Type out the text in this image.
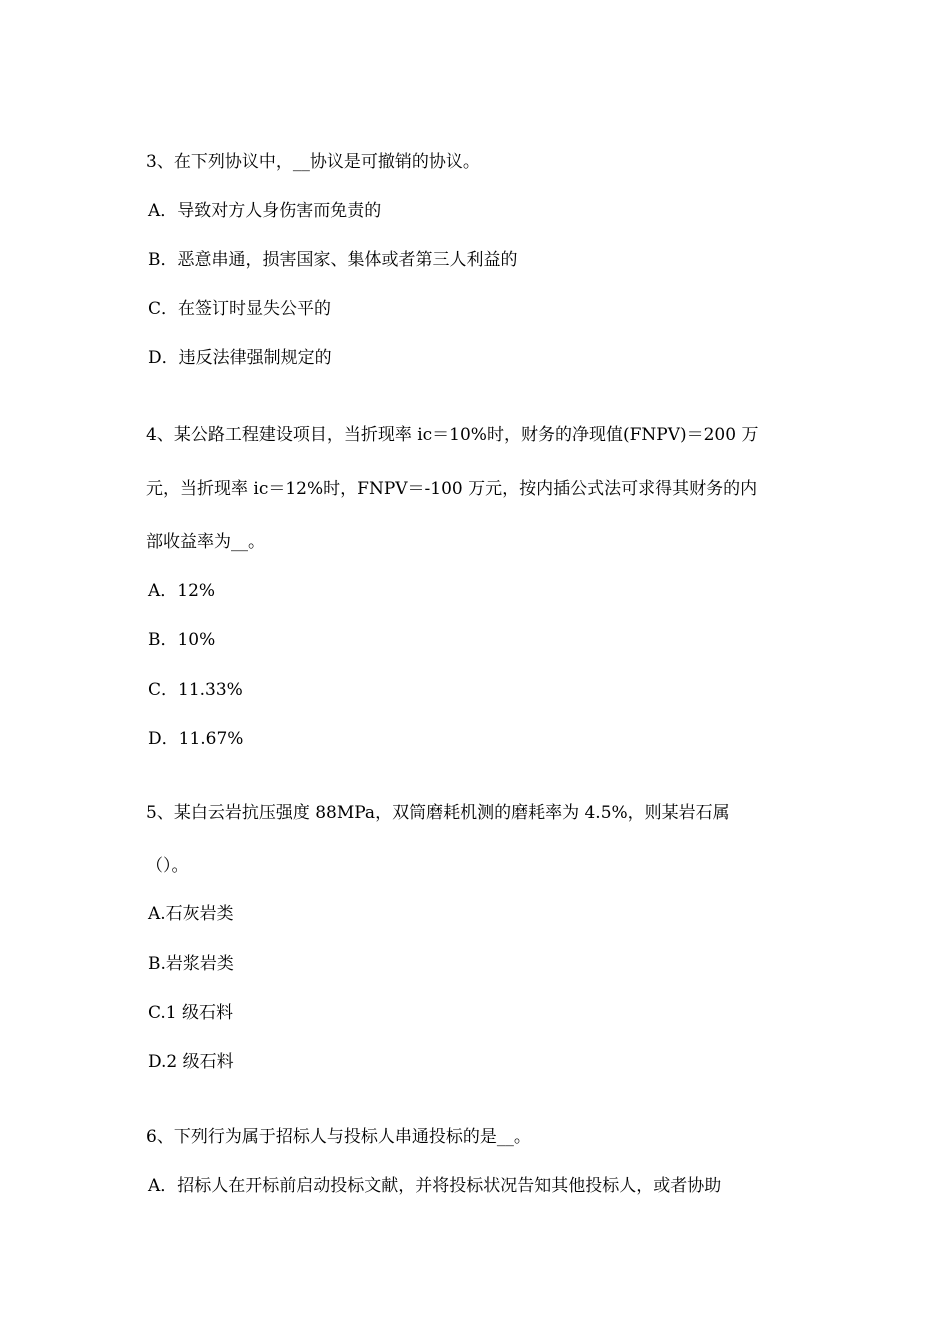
3、在下列协议中，__协议是可撤销的协议。
A．导致对方人身伤害而免责的
B．恶意串通，损害国家、集体或者第三人利益的
C．在签订时显失公平的
D．违反法律强制规定的
4、某公路工程建设项目，当折现率 ic＝10%时，财务的净现值(FNPV)＝200 万
元，当折现率 ic＝12%时，FNPV＝-100 万元，按内插公式法可求得其财务的内
部收益率为__。
A．12%
B．10%
C．11.33%
D．11.67%
5、某白云岩抗压强度 88MPa，双筒磨耗机测的磨耗率为 4.5%，则某岩石属
（）。
A.石灰岩类
B.岩浆岩类
C.1 级石料
D.2 级石料
6、下列行为属于招标人与投标人串通投标的是__。
A．招标人在开标前启动投标文献，并将投标状况告知其他投标人，或者协助
